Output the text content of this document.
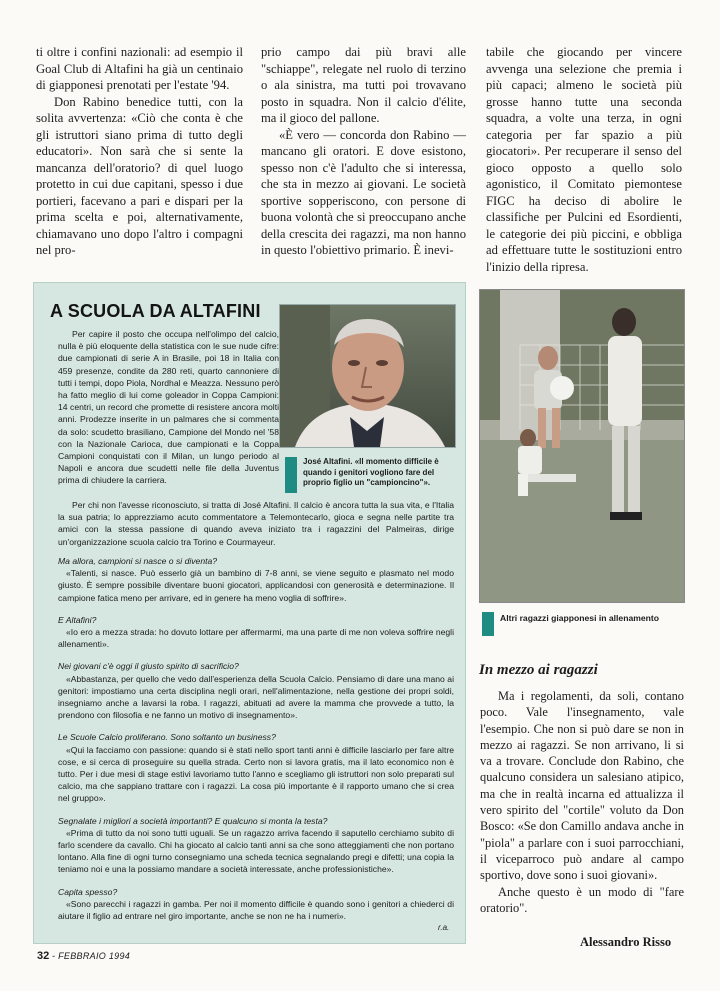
ti oltre i confini nazionali: ad esempio il Goal Club di Altafini ha già un centinaio di giapponesi prenotati per l'estate '94.

Don Rabino benedice tutti, con la solita avvertenza: «Ciò che conta è che gli istruttori siano prima di tutto degli educatori». Non sarà che si sente la mancanza dell'oratorio? di quel luogo protetto in cui due capitani, spesso i due portieri, facevano a pari e dispari per la prima scelta e poi, alternativamente, chiamavano uno dopo l'altro i compagni nel pro-

prio campo dai più bravi alle "schiappe", relegate nel ruolo di terzino o ala sinistra, ma tutti poi trovavano posto in squadra. Non il calcio d'élite, ma il gioco del pallone.

«È vero — concorda don Rabino — mancano gli oratori. E dove esistono, spesso non c'è l'adulto che si interessa, che sta in mezzo ai giovani. Le società sportive sopperiscono, con persone di buona volontà che si preoccupano anche della crescita dei ragazzi, ma non hanno in questo l'obiettivo primario. È inevi-

tabile che giocando per vincere avvenga una selezione che premia i più capaci; almeno le società più grosse hanno tutte una seconda squadra, a volte una terza, in ogni categoria per far spazio a più giocatori». Per recuperare il senso del gioco opposto a quello solo agonistico, il Comitato piemontese FIGC ha deciso di abolire le classifiche per Pulcini ed Esordienti, le categorie dei più piccini, e obbliga ad effettuare tutte le sostituzioni entro l'inizio della ripresa.

A SCUOLA DA ALTAFINI
Per capire il posto che occupa nell'olimpo del calcio, nulla è più eloquente della statistica con le sue nude cifre: due campionati di serie A in Brasile, poi 18 in Italia con 459 presenze, condite da 280 reti, quarto cannoniere di tutti i tempi, dopo Piola, Nordhal e Meazza. Nessuno però ha fatto meglio di lui come goleador in Coppa Campioni: 14 centri, un record che promette di resistere ancora molti anni. Prodezze inserite in un palmares che si commenta da solo: scudetto brasiliano, Campione del Mondo nel '58 con la Nazionale Carioca, due campionati e la Coppa Campioni conquistati con il Milan, un lungo periodo al Napoli e ancora due scudetti nelle file della Juventus prima di chiudere la carriera.
José Altafini. «Il momento difficile è quando i genitori vogliono fare del proprio figlio un "campioncino"».

Per chi non l'avesse riconosciuto, si tratta di José Altafini. Il calcio è ancora tutta la sua vita, e l'Italia la sua patria; lo apprezziamo acuto commentatore a Telemontecarlo, gioca e segna nelle partite tra amici con la stessa passione di quando aveva iniziato tra i ragazzini del Palmeiras, dirige un'organizzazione scuola calcio tra Torino e Courmayeur.

Ma allora, campioni si nasce o si diventa?

«Talenti, si nasce. Può esserlo già un bambino di 7-8 anni, se viene seguito e plasmato nel modo giusto. È sempre possibile diventare buoni giocatori, applicandosi con generosità e determinazione. Il campione fatica meno per arrivare, ed in genere ha meno voglia di soffrire».

E Altafini?

«Io ero a mezza strada: ho dovuto lottare per affermarmi, ma una parte di me non voleva soffrire negli allenamenti».

Nei giovani c'è oggi il giusto spirito di sacrificio?

«Abbastanza, per quello che vedo dall'esperienza della Scuola Calcio. Pensiamo di dare una mano ai genitori: impostiamo una certa disciplina negli orari, nell'alimentazione, nella gestione dei propri soldi, insegniamo anche a lavarsi la roba. I ragazzi, abituati ad avere la mamma che provvede a tutto, la prendono con filosofia e ne fanno un motivo di insegnamento».

Le Scuole Calcio proliferano. Sono soltanto un business?

«Qui la facciamo con passione: quando si è stati nello sport tanti anni è difficile lasciarlo per fare altre cose, e si cerca di proseguire su quella strada. Certo non si lavora gratis, ma il lato economico non è tutto. Per i due mesi di stage estivi lavoriamo tutto l'anno e scegliamo gli istruttori non solo preparati sul calcio, ma che sappiano trattare con i ragazzi. La cosa più importante è il rapporto umano che si crea nel gruppo».

Segnalate i migliori a società importanti? E qualcuno si monta la testa?

«Prima di tutto da noi sono tutti uguali. Se un ragazzo arriva facendo il saputello cerchiamo subito di farlo scendere da cavallo. Chi ha giocato al calcio tanti anni sa che sono atteggiamenti che non portano lontano. Alla fine di ogni turno consegniamo una scheda tecnica segnalando pregi e difetti; una copia la teniamo noi e una la possiamo mandare a società interessate, anche professionistiche».

Capita spesso?

«Sono parecchi i ragazzi in gamba. Per noi il momento difficile è quando sono i genitori a chiederci di aiutare il figlio ad entrare nel giro importante, anche se non ne ha i numeri».

r.a.
Altri ragazzi giapponesi in allenamento
In mezzo ai ragazzi

Ma i regolamenti, da soli, contano poco. Vale l'insegnamento, vale l'esempio. Che non si può dare se non in mezzo ai ragazzi. Se non arrivano, li si va a trovare. Conclude don Rabino, che qualcuno considera un salesiano atipico, ma che in realtà incarna ed attualizza il vero spirito del "cortile" voluto da Don Bosco: «Se don Camillo andava anche in "piola" a parlare con i suoi parrocchiani, il viceparroco può andare al campo sportivo, dove sono i suoi giovani».

Anche questo è un modo di "fare oratorio".

Alessandro Risso
32 - FEBBRAIO 1994
